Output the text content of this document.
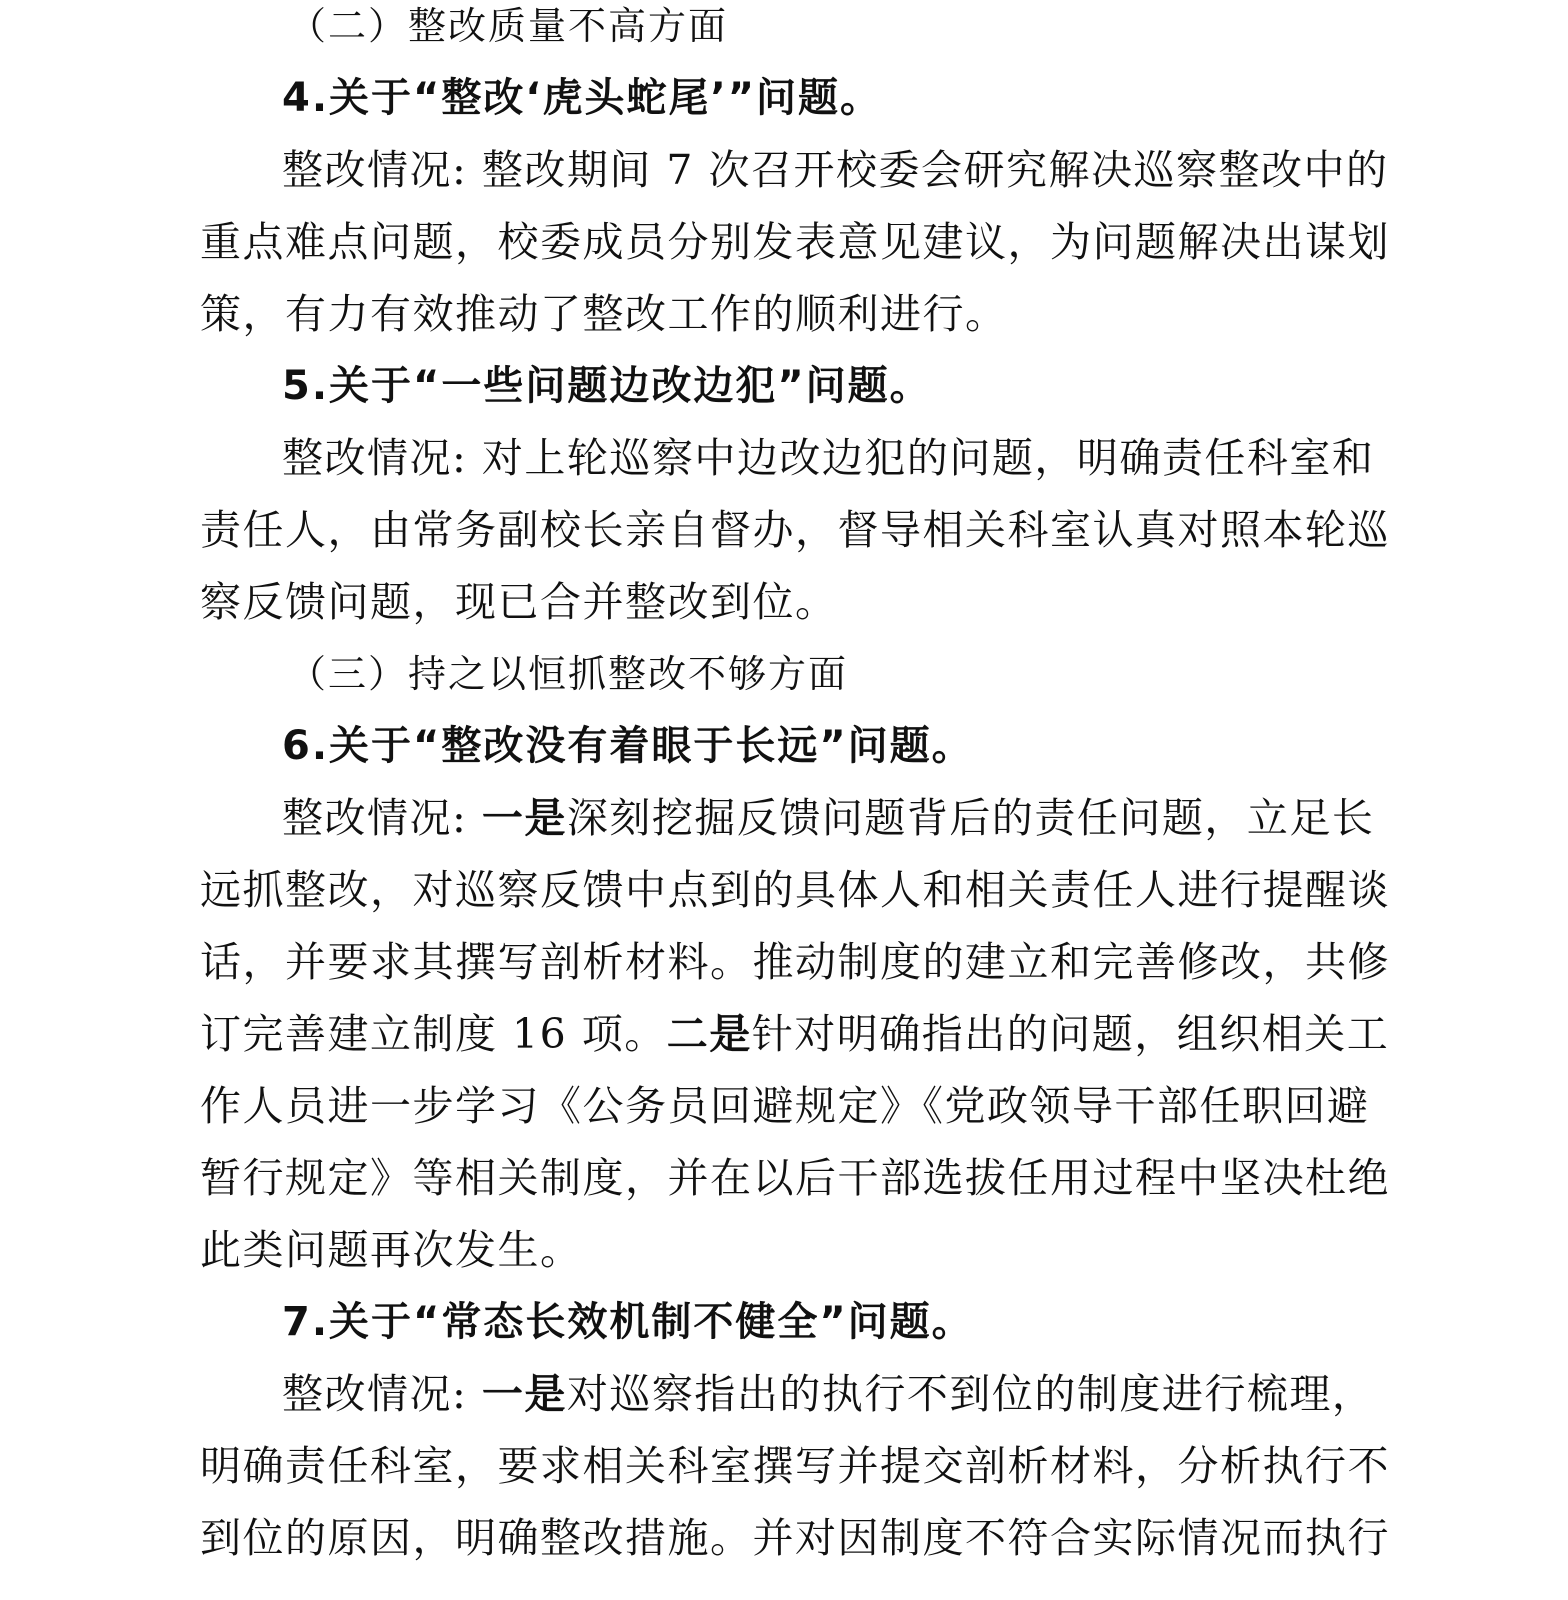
（二）整改质量不高方面
4.关于“整改‘虎头蛇尾’”问题。
整改情况: 整改期间 7 次召开校委会研究解决巡察整改中的
重点难点问题，校委成员分别发表意见建议，为问题解决出谋划
策，有力有效推动了整改工作的顺利进行。
5.关于“一些问题边改边犯”问题。
整改情况: 对上轮巡察中边改边犯的问题，明确责任科室和
责任人，由常务副校长亲自督办，督导相关科室认真对照本轮巡
察反馈问题，现已合并整改到位。
（三）持之以恒抓整改不够方面
6.关于“整改没有着眼于长远”问题。
整改情况: 一是深刻挖掘反馈问题背后的责任问题，立足长
远抓整改，对巡察反馈中点到的具体人和相关责任人进行提醒谈
话，并要求其撰写剖析材料。推动制度的建立和完善修改，共修
订完善建立制度 16 项。二是针对明确指出的问题，组织相关工
作人员进一步学习《公务员回避规定》《党政领导干部任职回避
暂行规定》等相关制度，并在以后干部选拔任用过程中坚决杜绝
此类问题再次发生。
7.关于“常态长效机制不健全”问题。
整改情况: 一是对巡察指出的执行不到位的制度进行梳理，
明确责任科室，要求相关科室撰写并提交剖析材料，分析执行不
到位的原因，明确整改措施。并对因制度不符合实际情况而执行
